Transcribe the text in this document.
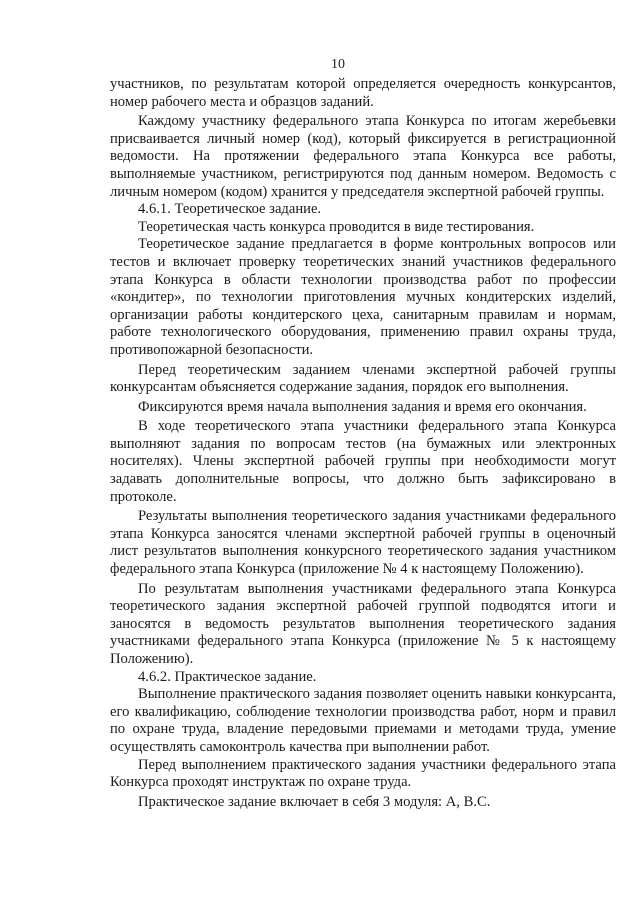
10

участников, по результатам которой определяется очередность конкурсантов, номер рабочего места и образцов заданий.

Каждому участнику федерального этапа Конкурса по итогам жеребьевки присваивается личный номер (код), который фиксируется в регистрационной ведомости. На протяжении федерального этапа Конкурса все работы, выполняемые участником, регистрируются под данным номером. Ведомость с личным номером (кодом) хранится у председателя экспертной рабочей группы.

4.6.1. Теоретическое задание.

Теоретическая часть конкурса проводится в виде тестирования.

Теоретическое задание предлагается в форме контрольных вопросов или тестов и включает проверку теоретических знаний участников федерального этапа Конкурса в области технологии производства работ по профессии «кондитер», по технологии приготовления мучных кондитерских изделий, организации работы кондитерского цеха, санитарным правилам и нормам, работе технологического оборудования, применению правил охраны труда, противопожарной безопасности.

Перед теоретическим заданием членами экспертной рабочей группы конкурсантам объясняется содержание задания, порядок его выполнения.

Фиксируются время начала выполнения задания и время его окончания.

В ходе теоретического этапа участники федерального этапа Конкурса выполняют задания по вопросам тестов (на бумажных или электронных носителях). Члены экспертной рабочей группы при необходимости могут задавать дополнительные вопросы, что должно быть зафиксировано в протоколе.

Результаты выполнения теоретического задания участниками федерального этапа Конкурса заносятся членами экспертной рабочей группы в оценочный лист результатов выполнения конкурсного теоретического задания участником федерального этапа Конкурса (приложение № 4 к настоящему Положению).

По результатам выполнения участниками федерального этапа Конкурса теоретического задания экспертной рабочей группой подводятся итоги и заносятся в ведомость результатов выполнения теоретического задания участниками федерального этапа Конкурса (приложение № 5 к настоящему Положению).

4.6.2. Практическое задание.

Выполнение практического задания позволяет оценить навыки конкурсанта, его квалификацию, соблюдение технологии производства работ, норм и правил по охране труда, владение передовыми приемами и методами труда, умение осуществлять самоконтроль качества при выполнении работ.

Перед выполнением практического задания участники федерального этапа Конкурса проходят инструктаж по охране труда.

Практическое задание включает в себя 3 модуля: А, В.С.
